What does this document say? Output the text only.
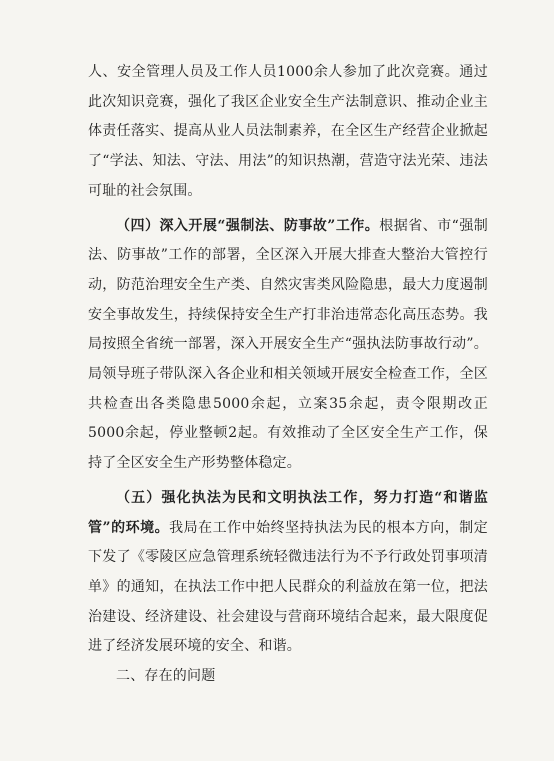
人、安全管理人员及工作人员1000余人参加了此次竞赛。通过此次知识竞赛，强化了我区企业安全生产法制意识、推动企业主体责任落实、提高从业人员法制素养，在全区生产经营企业掀起了“学法、知法、守法、用法”的知识热潮，营造守法光荣、违法可耻的社会氛围。

（四）深入开展“强制法、防事故”工作。根据省、市“强制法、防事故”工作的部署，全区深入开展大排查大整治大管控行动，防范治理安全生产类、自然灾害类风险隐患，最大力度遏制安全事故发生，持续保持安全生产打非治违常态化高压态势。我局按照全省统一部署，深入开展安全生产“强执法防事故行动”。局领导班子带队深入各企业和相关领域开展安全检查工作，全区共检查出各类隐患5000余起，立案35余起，责令限期改正5000余起，停业整顿2起。有效推动了全区安全生产工作，保持了全区安全生产形势整体稳定。

（五）强化执法为民和文明执法工作，努力打造“和谐监管”的环境。我局在工作中始终坚持执法为民的根本方向，制定下发了《零陵区应急管理系统轻微违法行为不予行政处罚事项清单》的通知，在执法工作中把人民群众的利益放在第一位，把法治建设、经济建设、社会建设与营商环境结合起来，最大限度促进了经济发展环境的安全、和谐。

二、存在的问题
